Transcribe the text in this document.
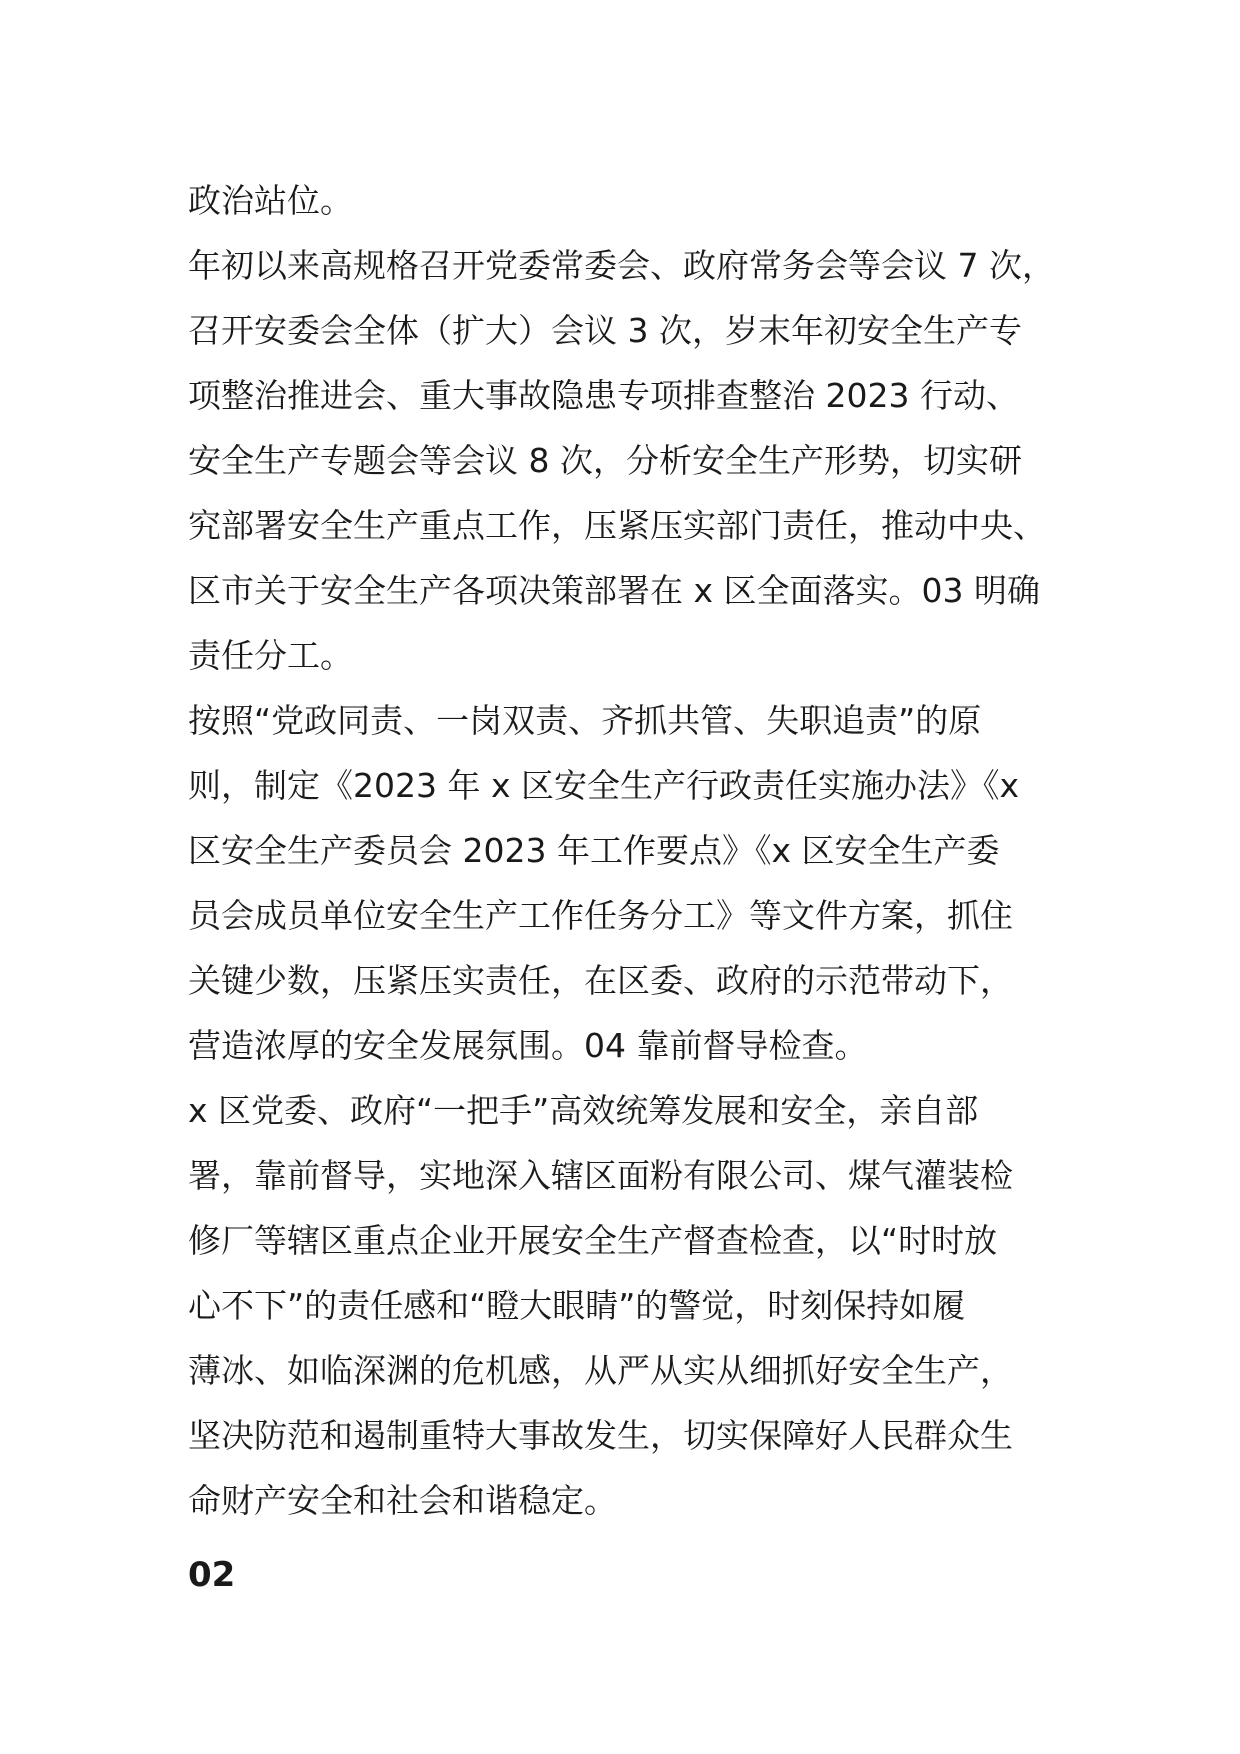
政治站位。
年初以来高规格召开党委常委会、政府常务会等会议 7 次，
召开安委会全体（扩大）会议 3 次，岁末年初安全生产专
项整治推进会、重大事故隐患专项排查整治 2023 行动、
安全生产专题会等会议 8 次，分析安全生产形势，切实研
究部署安全生产重点工作，压紧压实部门责任，推动中央、
区市关于安全生产各项决策部署在 x 区全面落实。03 明确
责任分工。
按照“党政同责、一岗双责、齐抓共管、失职追责”的原
则，制定《2023 年 x 区安全生产行政责任实施办法》《x
区安全生产委员会 2023 年工作要点》《x 区安全生产委
员会成员单位安全生产工作任务分工》等文件方案，抓住
关键少数，压紧压实责任，在区委、政府的示范带动下，
营造浓厚的安全发展氛围。04 靠前督导检查。
x 区党委、政府“一把手”高效统筹发展和安全，亲自部
署，靠前督导，实地深入辖区面粉有限公司、煤气灌装检
修厂等辖区重点企业开展安全生产督查检查，以“时时放
心不下”的责任感和“瞪大眼睛”的警觉，时刻保持如履
薄冰、如临深渊的危机感，从严从实从细抓好安全生产，
坚决防范和遏制重特大事故发生，切实保障好人民群众生
命财产安全和社会和谐稳定。
02
